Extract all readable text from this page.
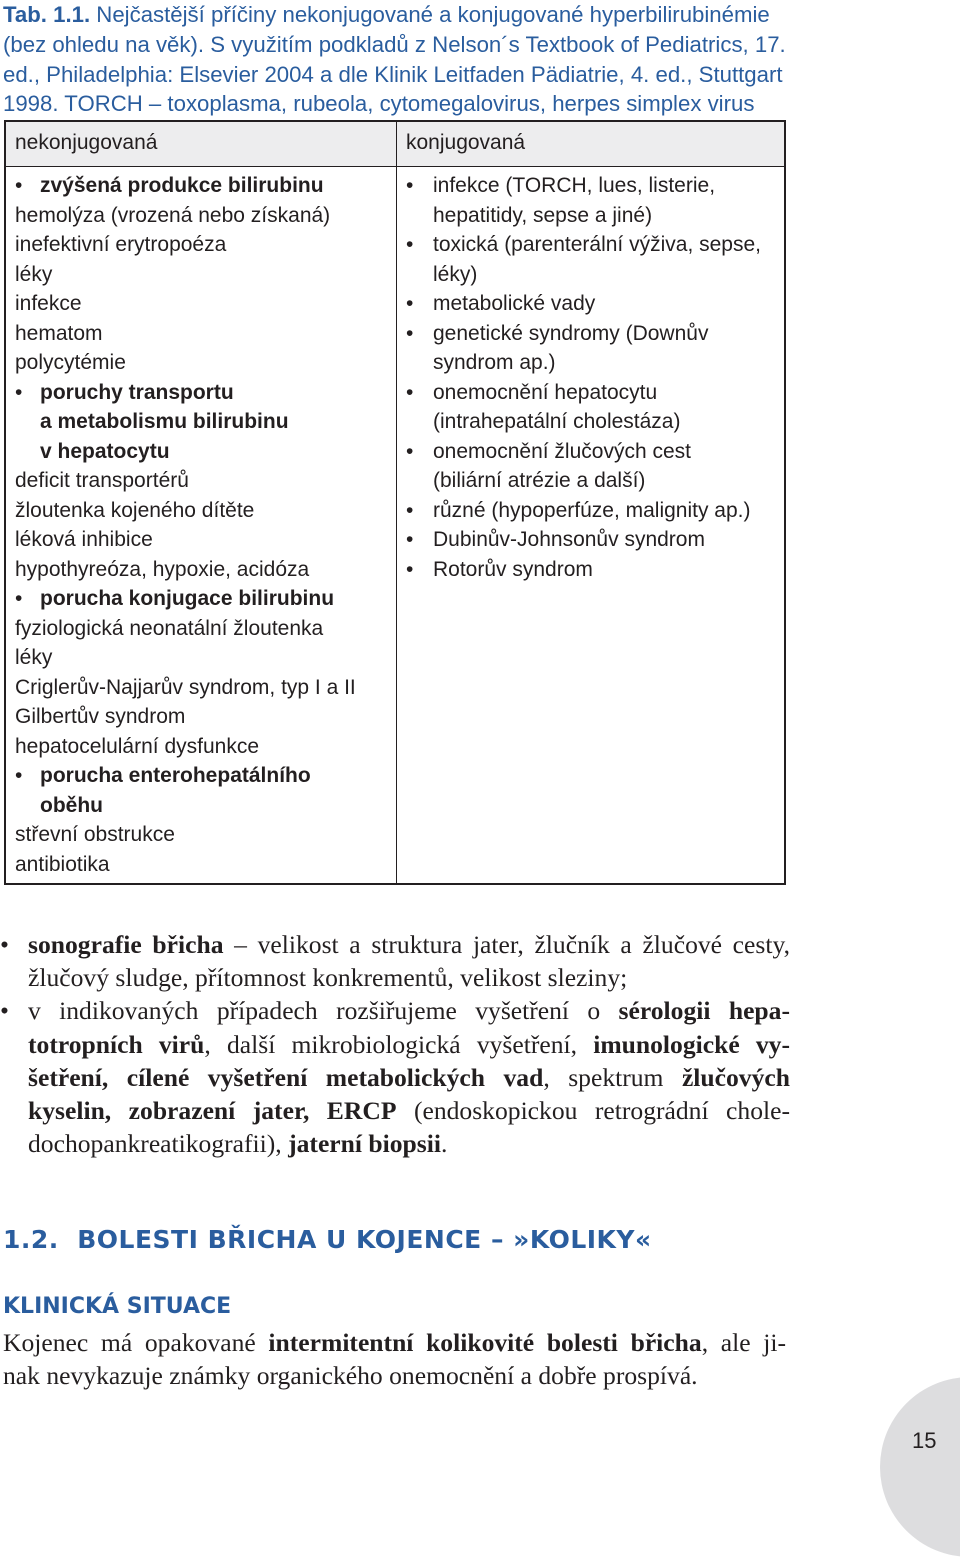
Tab. 1.1. Nejčastější příčiny nekonjugované a konjugované hyperbilirubinémie
(bez ohledu na věk). S využitím podkladů z Nelson´s Textbook of Pediatrics, 17.
ed., Philadelphia: Elsevier 2004 a dle Klinik Leitfaden Pädiatrie, 4. ed., Stuttgart
1998. TORCH – toxoplasma, rubeola, cytomegalovirus, herpes simplex virus
nekonjugovaná	konjugovaná
• zvýšená produkce bilirubinu
hemolýza (vrozená nebo získaná)
inefektivní erytropoéza
léky
infekce
hematom
polycytémie
• poruchy transportu
a metabolismu bilirubinu
v hepatocytu
deficit transportérů
žloutenka kojeného dítěte
léková inhibice
hypothyreóza, hypoxie, acidóza
• porucha konjugace bilirubinu
fyziologická neonatální žloutenka
léky
Criglerův-Najjarův syndrom, typ I a II
Gilbertův syndrom
hepatocelulární dysfunkce
• porucha enterohepatálního
oběhu
střevní obstrukce
antibiotika
• infekce (TORCH, lues, listerie,
hepatitidy, sepse a jiné)
• toxická (parenterální výživa, sepse,
léky)
• metabolické vady
• genetické syndromy (Downův
syndrom ap.)
• onemocnění hepatocytu
(intrahepatální cholestáza)
• onemocnění žlučových cest
(biliární atrézie a další)
• různé (hypoperfúze, malignity ap.)
• Dubinův-Johnsonův syndrom
• Rotorův syndrom
• sonografie břicha – velikost a struktura jater, žlučník a žlučové cesty,
žlučový sludge, přítomnost konkrementů, velikost sleziny;
• v indikovaných případech rozšiřujeme vyšetření o sérologii hepa-
totropních virů, další mikrobiologická vyšetření, imunologické vy-
šetření, cílené vyšetření metabolických vad, spektrum žlučových
kyselin, zobrazení jater, ERCP (endoskopickou retrográdní chole-
dochopankreatikografii), jaterní biopsii.
1.2. BOLESTI BŘICHA U KOJENCE – »KOLIKY«
KLINICKÁ SITUACE
Kojenec má opakované intermitentní kolikovité bolesti břicha, ale ji-
nak nevykazuje známky organického onemocnění a dobře prospívá.
15
